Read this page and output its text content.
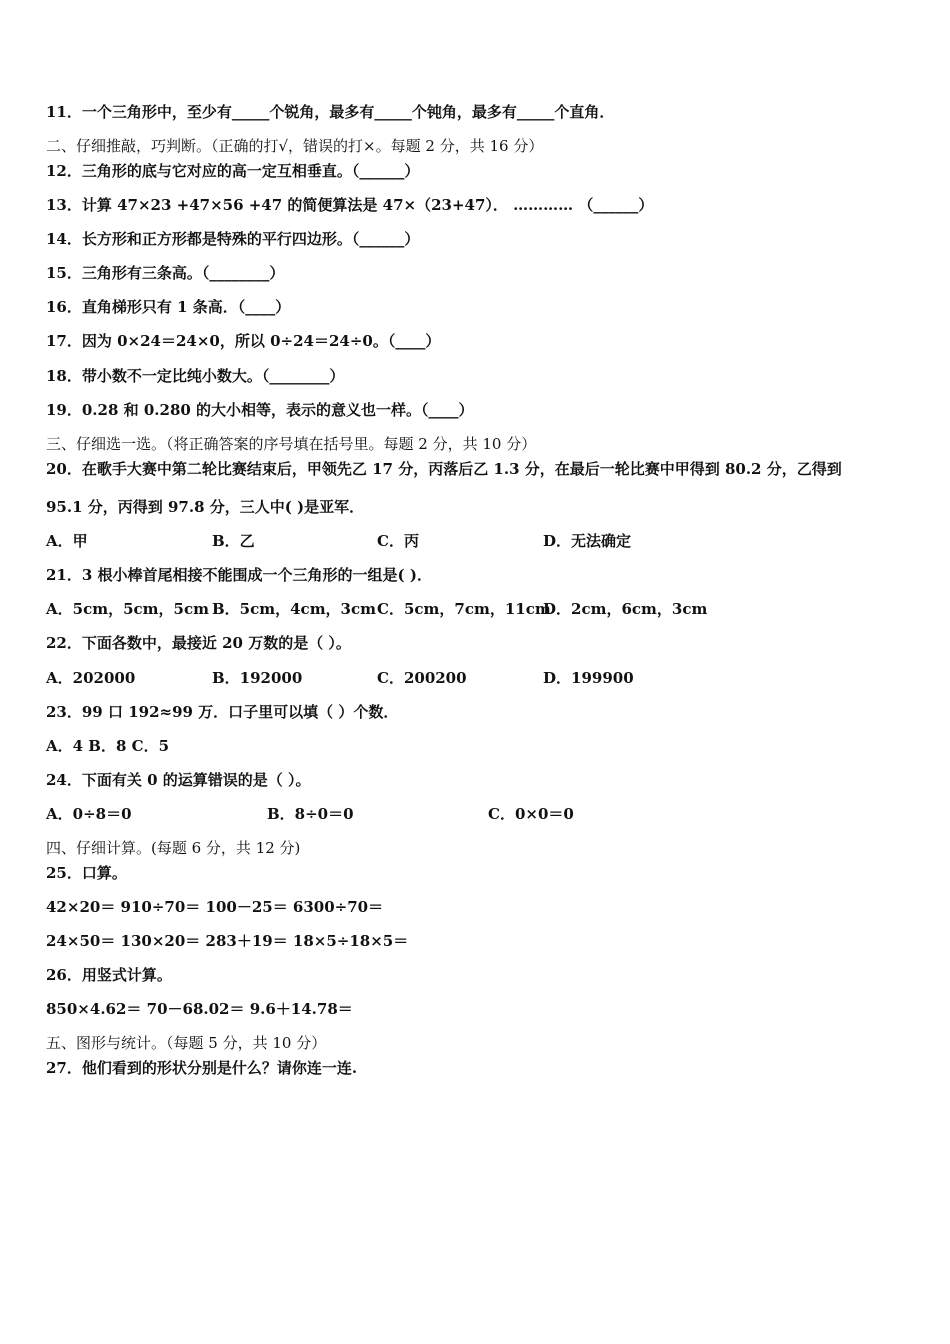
11．一个三角形中，至少有_____个锐角，最多有_____个钝角，最多有_____个直角．
二、仔细推敲，巧判断。（正确的打√，错误的打×。每题 2 分，共 16 分）
12．三角形的底与它对应的高一定互相垂直。（______）
13．计算 47×23 +47×56 +47 的简便算法是 47×（23+47）． ………… （______）
14．长方形和正方形都是特殊的平行四边形。（______）
15．三角形有三条高。（________）
16．直角梯形只有 1 条高．（____）
17．因为 0×24＝24×0，所以 0÷24＝24÷0。（____）
18．带小数不一定比纯小数大。（________）
19．0.28 和 0.280 的大小相等，表示的意义也一样。（____）
三、仔细选一选。（将正确答案的序号填在括号里。每题 2 分，共 10 分）
20．在歌手大赛中第二轮比赛结束后，甲领先乙 17 分，丙落后乙 1.3 分，在最后一轮比赛中甲得到 80.2 分，乙得到
95.1 分，丙得到 97.8 分，三人中( )是亚军．
A．甲	B．乙	C．丙	D．无法确定
21．3 根小棒首尾相接不能围成一个三角形的一组是( )．
A．5cm，5cm，5cm B．5cm，4cm，3cm C．5cm，7cm，11cm
D．2cm，6cm，3cm
22．下面各数中，最接近 20 万数的是（ ）。
A．202000	B．192000	C．200200	D．199900
23．99 口 192≈99 万．口子里可以填（ ）个数．
A．4 B．8 C．5
24．下面有关 0 的运算错误的是（ ）。
A．0÷8＝0	B．8÷0＝0	C．0×0＝0
四、仔细计算。(每题 6 分，共 12 分)
25．口算。
42×20＝ 910÷70＝ 100－25＝ 6300÷70＝
24×50＝ 130×20＝ 283＋19＝ 18×5÷18×5＝
26．用竖式计算。
850×4.62＝ 70－68.02＝ 9.6＋14.78＝
五、图形与统计。（每题 5 分，共 10 分）
27．他们看到的形状分别是什么？请你连一连.
